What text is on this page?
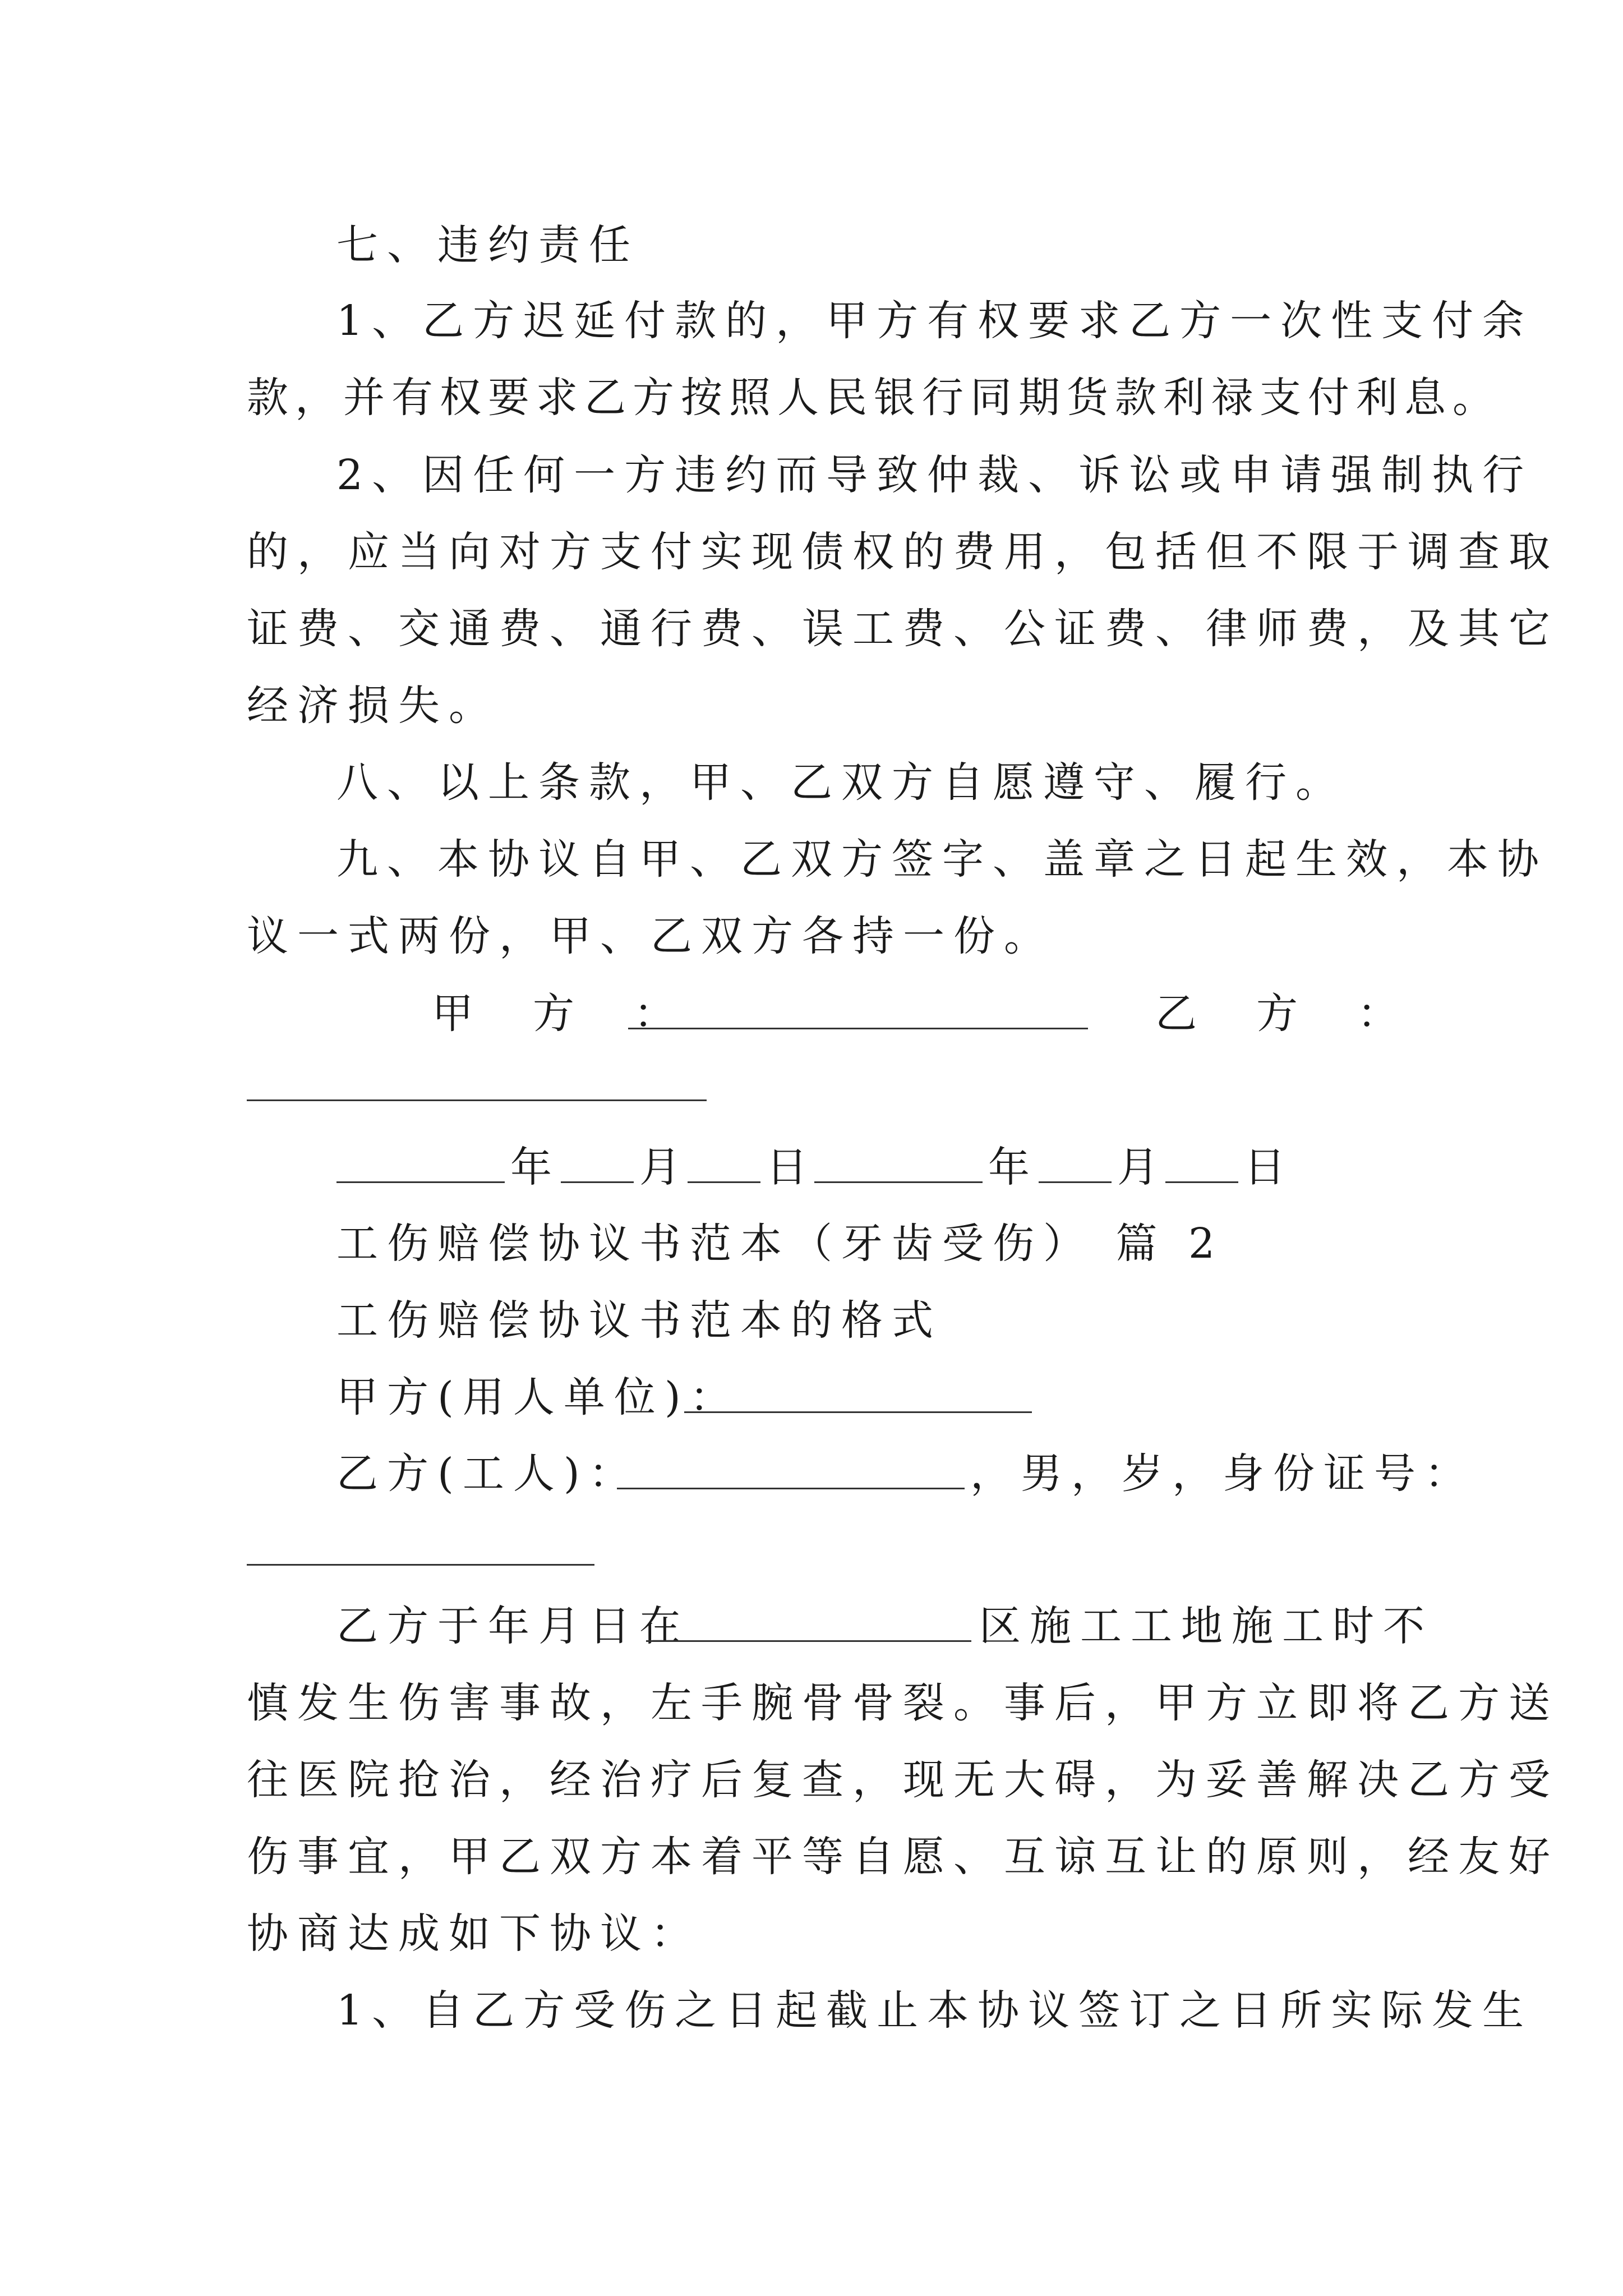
七、违约责任
1、乙方迟延付款的，甲方有权要求乙方一次性支付余
款，并有权要求乙方按照人民银行同期货款利禄支付利息。
2、因任何一方违约而导致仲裁、诉讼或申请强制执行
的，应当向对方支付实现债权的费用，包括但不限于调查取
证费、交通费、通行费、误工费、公证费、律师费，及其它
经济损失。
八、以上条款，甲、乙双方自愿遵守、履行。
九、本协议自甲、乙双方签字、盖章之日起生效，本协
议一式两份，甲、乙双方各持一份。
甲　方　：	乙　方　：
年 月 日	年 月 日
工伤赔偿协议书范本（牙齿受伤） 篇 2
工伤赔偿协议书范本的格式
甲方(用人单位)：
乙方(工人)：	，男，岁，身份证号：
乙方于年月日在	区施工工地施工时不
慎发生伤害事故，左手腕骨骨裂。事后，甲方立即将乙方送
往医院抢治，经治疗后复查，现无大碍，为妥善解决乙方受
伤事宜，甲乙双方本着平等自愿、互谅互让的原则，经友好
协商达成如下协议：
1、自乙方受伤之日起截止本协议签订之日所实际发生
